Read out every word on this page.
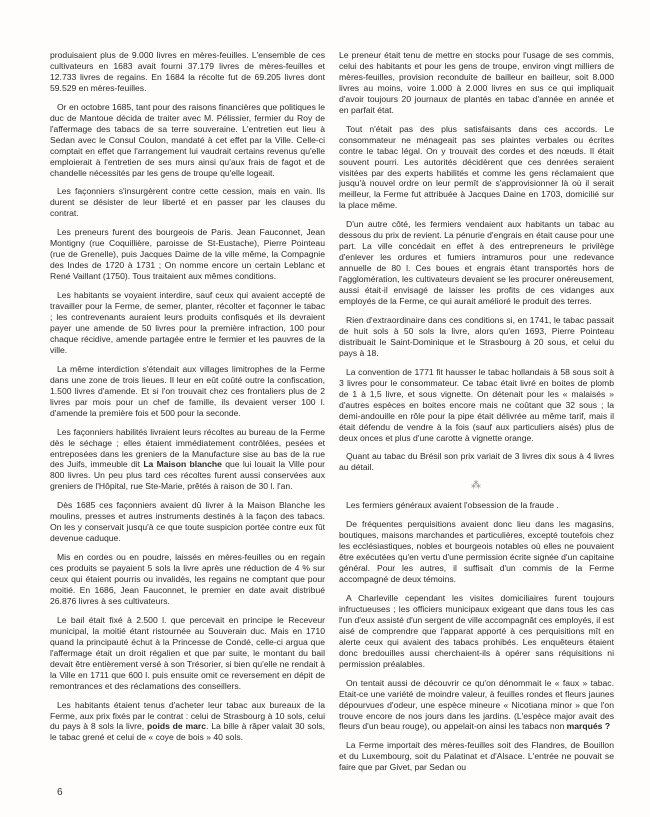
produisaient plus de 9.000 livres en mères-feuilles. L'ensemble de ces cultivateurs en 1683 avait fourni 37.179 livres de mères-feuilles et 12.733 livres de regains. En 1684 la récolte fut de 69.205 livres dont 59.529 en mères-feuilles.

Or en octobre 1685, tant pour des raisons financières que politiques le duc de Mantoue décida de traiter avec M. Pélissier, fermier du Roy de l'affermage des tabacs de sa terre souveraine. L'entretien eut lieu à Sedan avec le Consul Coulon, mandaté à cet effet par la Ville. Celle-ci comptait en effet que l'arrangement lui vaudrait certains revenus qu'elle emploierait à l'entretien de ses murs ainsi qu'aux frais de fagot et de chandelle nécessités par les gens de troupe qu'elle logeait.

Les façonniers s'insurgèrent contre cette cession, mais en vain. Ils durent se désister de leur liberté et en passer par les clauses du contrat.

Les preneurs furent des bourgeois de Paris. Jean Fauconnet, Jean Montigny (rue Coquillière, paroisse de St-Eustache), Pierre Pointeau (rue de Grenelle), puis Jacques Daime de la ville même, la Compagnie des Indes de 1720 à 1731 ; On nomme encore un certain Leblanc et René Vaillant (1750). Tous traitaient aux mêmes conditions.

Les habitants se voyaient interdire, sauf ceux qui avaient accepté de travailler pour la Ferme, de semer, planter, récolter et façonner le tabac ; les contrevenants auraient leurs produits confisqués et ils devraient payer une amende de 50 livres pour la première infraction, 100 pour chaque récidive, amende partagée entre le fermier et les pauvres de la ville.

La même interdiction s'étendait aux villages limitrophes de la Ferme dans une zone de trois lieues. Il leur en eût coûté outre la confiscation, 1.500 livres d'amende. Et si l'on trouvait chez ces frontaliers plus de 2 livres par mois pour un chef de famille, ils devaient verser 100 l. d'amende la première fois et 500 pour la seconde.

Les façonniers habilités livraient leurs récoltes au bureau de la Ferme dès le séchage ; elles étaient immédiatement contrôlées, pesées et entreposées dans les greniers de la Manufacture sise au bas de la rue des Juifs, immeuble dit La Maison blanche que lui louait la Ville pour 800 livres. Un peu plus tard ces récoltes furent aussi conservées aux greniers de l'Hôpital, rue Ste-Marie, prêtés à raison de 30 l. l'an.

Dès 1685 ces façonniers avaient dû livrer à la Maison Blanche les moulins, presses et autres instruments destinés à la façon des tabacs. On les y conservait jusqu'à ce que toute suspicion portée contre eux fût devenue caduque.

Mis en cordes ou en poudre, laissés en mères-feuilles ou en regain ces produits se payaient 5 sols la livre après une réduction de 4 % sur ceux qui étaient pourris ou invalidés, les regains ne comptant que pour moitié. En 1686, Jean Fauconnet, le premier en date avait distribué 26.876 livres à ses cultivateurs.

Le bail était fixé à 2.500 l. que percevait en principe le Receveur municipal, la moitié étant ristournée au Souverain duc. Mais en 1710 quand la principauté échut à la Princesse de Condé, celle-ci argua que l'affermage était un droit régalien et que par suite, le montant du bail devait être entièrement versé à son Trésorier, si bien qu'elle ne rendait à la Ville en 1711 que 600 l. puis ensuite omit ce reversement en dépit de remontrances et des réclamations des conseillers.

Les habitants étaient tenus d'acheter leur tabac aux bureaux de la Ferme, aux prix fixés par le contrat : celui de Strasbourg à 10 sols, celui du pays à 8 sols la livre, poids de marc. La bille à râper valait 30 sols, le tabac grené et celui de « coye de bois » 40 sols.

Le preneur était tenu de mettre en stocks pour l'usage de ses commis, celui des habitants et pour les gens de troupe, environ vingt milliers de mères-feuilles, provision reconduite de bailleur en bailleur, soit 8.000 livres au moins, voire 1.000 à 2.000 livres en sus ce qui impliquait d'avoir toujours 20 journaux de plantés en tabac d'année en année et en parfait état.

Tout n'était pas des plus satisfaisants dans ces accords. Le consommateur ne ménageait pas ses plaintes verbales ou écrites contre le tabac légal. On y trouvait des cordes et des nœuds. Il était souvent pourri. Les autorités décidèrent que ces denrées seraient visitées par des experts habilités et comme les gens réclamaient que jusqu'à nouvel ordre on leur permît de s'approvisionner là où il serait meilleur, la Ferme fut attribuée à Jacques Daine en 1703, domicilié sur la place même.

D'un autre côté, les fermiers vendaient aux habitants un tabac au dessous du prix de revient. La pénurie d'engrais en était cause pour une part. La ville concédait en effet à des entrepreneurs le privilège d'enlever les ordures et fumiers intramuros pour une redevance annuelle de 80 l. Ces boues et engrais étant transportés hors de l'agglomération, les cultivateurs devaient se les procurer onéreusement, aussi était-il envisagé de laisser les profits de ces vidanges aux employés de la Ferme, ce qui aurait amélioré le produit des terres.

Rien d'extraordinaire dans ces conditions si, en 1741, le tabac passait de huit sols à 50 sols la livre, alors qu'en 1693, Pierre Pointeau distribuait le Saint-Dominique et le Strasbourg à 20 sous, et celui du pays à 18.

La convention de 1771 fit hausser le tabac hollandais à 58 sous soit à 3 livres pour le consommateur. Ce tabac était livré en boites de plomb de 1 à 1,5 livre, et sous vignette. On détenait pour les « malaisés » d'autres espèces en boites encore mais ne coûtant que 32 sous ; la demi-andouille en rôle pour la pipe était délivrée au même tarif, mais il était défendu de vendre à la fois (sauf aux particuliers aisés) plus de deux onces et plus d'une carotte à vignette orange.

Quant au tabac du Brésil son prix variait de 3 livres dix sous à 4 livres au détail.

⁂

Les fermiers généraux avaient l'obsession de la fraude .

De fréquentes perquisitions avaient donc lieu dans les magasins, boutiques, maisons marchandes et particulières, excepté toutefois chez les ecclésiastiques, nobles et bourgeois notables où elles ne pouvaient être exécutées qu'en vertu d'une permission écrite signée d'un capitaine général. Pour les autres, il suffisait d'un commis de la Ferme accompagné de deux témoins.

A Charleville cependant les visites domiciliaires furent toujours infructueuses ; les officiers municipaux exigeant que dans tous les cas l'un d'eux assisté d'un sergent de ville accompagnât ces employés, il est aisé de comprendre que l'apparat apporté à ces perquisitions mît en alerte ceux qui avaient des tabacs prohibés. Les enquêteurs étaient donc bredouilles aussi cherchaient-ils à opérer sans réquisitions ni permission préalables.

On tentait aussi de découvrir ce qu'on dénommait le « faux » tabac. Etait-ce une variété de moindre valeur, à feuilles rondes et fleurs jaunes dépourvues d'odeur, une espèce mineure « Nicotiana minor » que l'on trouve encore de nos jours dans les jardins. (L'espèce major avait des fleurs d'un beau rouge), ou appelait-on ainsi les tabacs non marqués ?

La Ferme importait des mères-feuilles soit des Flandres, de Bouillon et du Luxembourg, soit du Palatinat et d'Alsace. L'entrée ne pouvait se faire que par Givet, par Sedan ou

6
